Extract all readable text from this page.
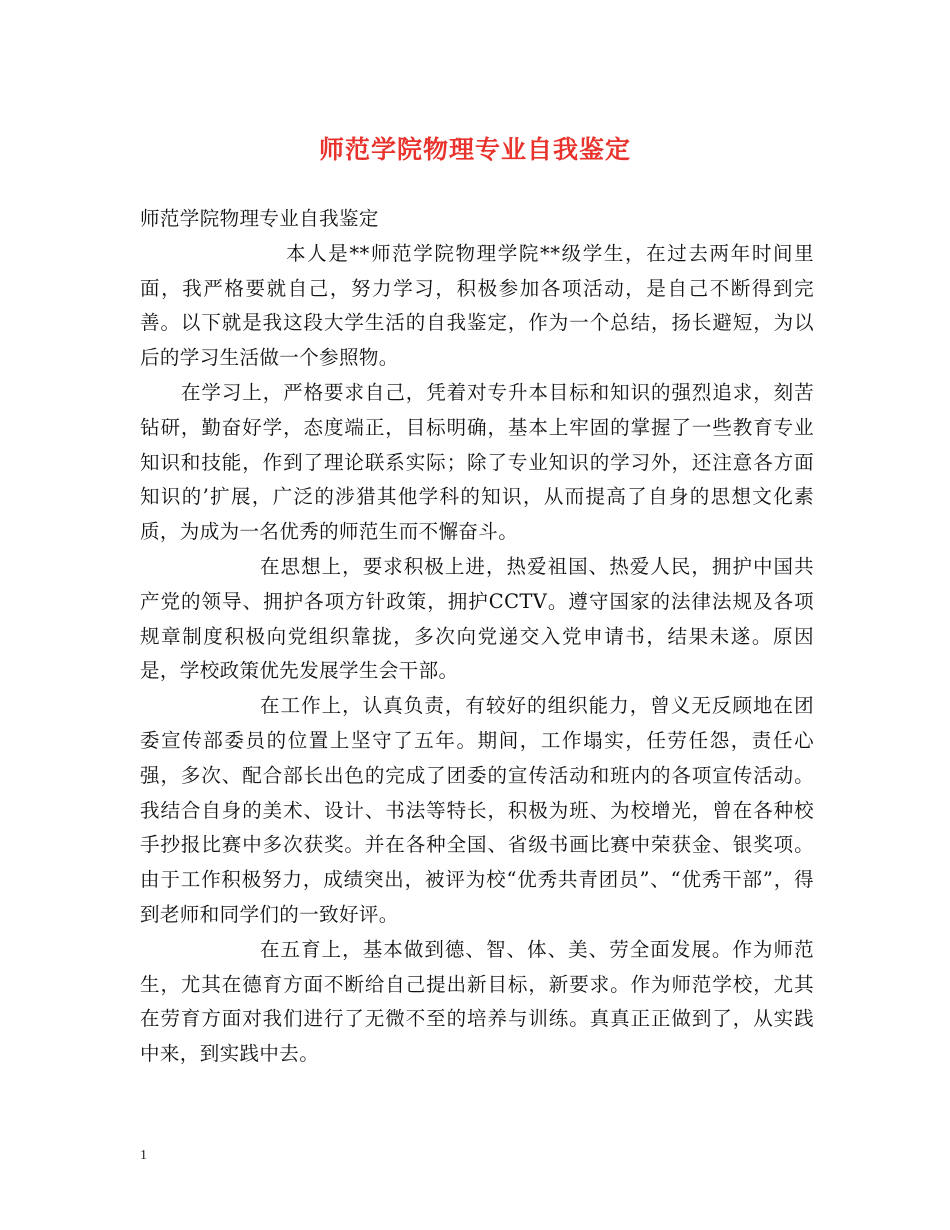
师范学院物理专业自我鉴定

师范学院物理专业自我鉴定

本人是**师范学院物理学院**级学生，在过去两年时间里面，我严格要就自己，努力学习，积极参加各项活动，是自己不断得到完善。以下就是我这段大学生活的自我鉴定，作为一个总结，扬长避短，为以后的学习生活做一个参照物。

在学习上，严格要求自己，凭着对专升本目标和知识的强烈追求，刻苦钻研，勤奋好学，态度端正，目标明确，基本上牢固的掌握了一些教育专业知识和技能，作到了理论联系实际；除了专业知识的学习外，还注意各方面知识的’扩展，广泛的涉猎其他学科的知识，从而提高了自身的思想文化素质，为成为一名优秀的师范生而不懈奋斗。

在思想上，要求积极上进，热爱祖国、热爱人民，拥护中国共产党的领导、拥护各项方针政策，拥护CCTV。遵守国家的法律法规及各项规章制度积极向党组织靠拢，多次向党递交入党申请书，结果未遂。原因是，学校政策优先发展学生会干部。

在工作上，认真负责，有较好的组织能力，曾义无反顾地在团委宣传部委员的位置上坚守了五年。期间，工作塌实，任劳任怨，责任心强，多次、配合部长出色的完成了团委的宣传活动和班内的各项宣传活动。我结合自身的美术、设计、书法等特长，积极为班、为校增光，曾在各种校手抄报比赛中多次获奖。并在各种全国、省级书画比赛中荣获金、银奖项。由于工作积极努力，成绩突出，被评为校“优秀共青团员”、“优秀干部”，得到老师和同学们的一致好评。

在五育上，基本做到德、智、体、美、劳全面发展。作为师范生，尤其在德育方面不断给自己提出新目标，新要求。作为师范学校，尤其在劳育方面对我们进行了无微不至的培养与训练。真真正正做到了，从实践中来，到实践中去。

1
